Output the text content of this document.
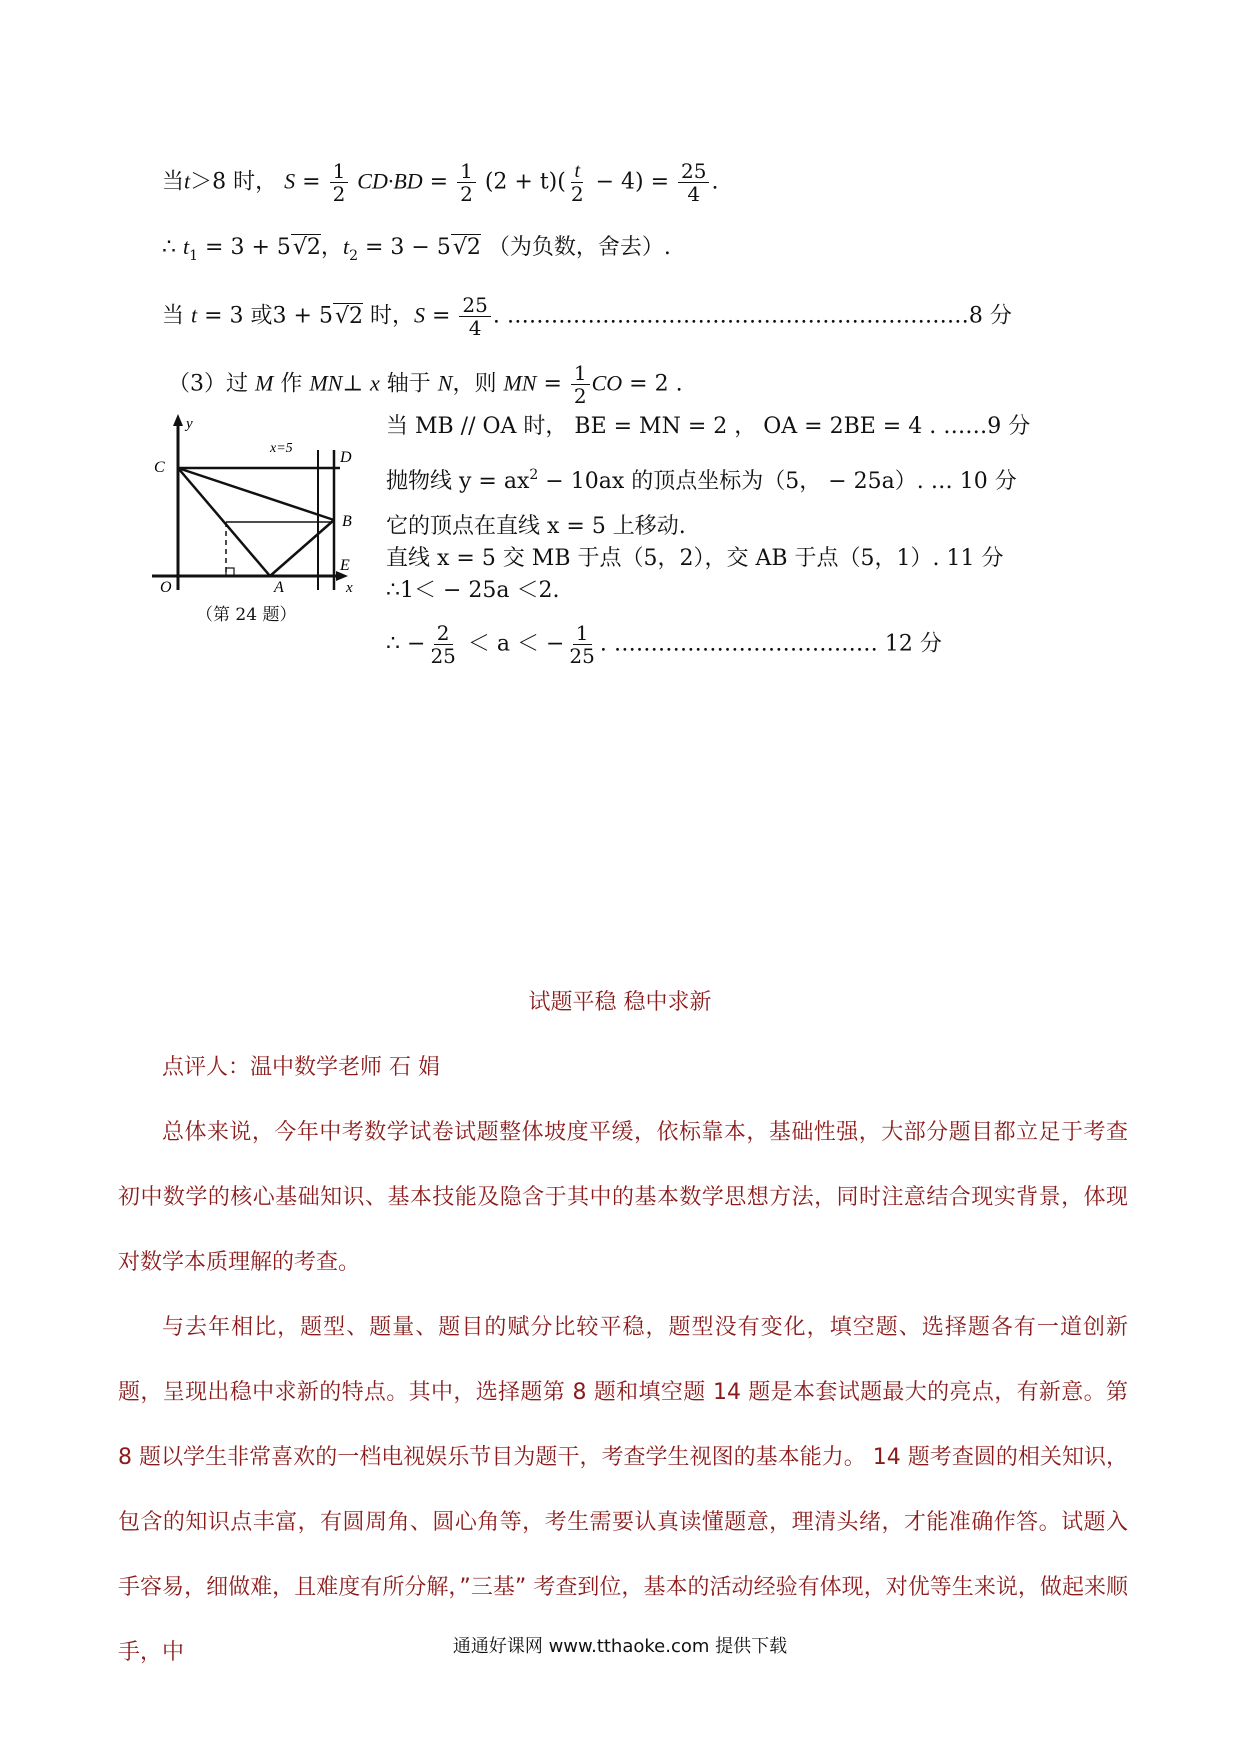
当t＞8 时， $S = \frac{1}{2} CD\cdot BD = \frac{1}{2} (2 + t)( \frac{t}{2} - 4) = \frac{25}{4}$ .
∴ $t_1 = 3 + 5√2$，$t_2 = 3 - 5√2$ （为负数，舍去）.
当 t = 3 或3 + 5√2 时，$S = \frac{25}{4}$ . ………………………………………………………8 分
（3）过 M 作 MN⊥ x 轴于 N，则 MN = $\frac{1}{2}$ CO = 2 .
当 MB // OA 时， BE = MN = 2 ， OA = 2BE = 4 . ……9 分
抛物线 $y = ax^2 - 10ax$ 的顶点坐标为（5， − 25a）. … 10 分
它的顶点在直线 x = 5 上移动.
直线 x = 5 交 MB 于点（5，2），交 AB 于点（5，1）. 11 分
∴1＜ − 25a ＜2.
∴ − $\frac{2}{25} < a$ ＜ − $\frac{1}{25}$ . ……………………………… 12 分
y
C
x=5
D
B
E
O	A	x
（第 24 题）
试题平稳 稳中求新
点评人：温中数学老师 石 娟
总体来说，今年中考数学试卷试题整体坡度平缓，依标靠本，基础性强，大部分题目都立足于考查初中数学的核心基础知识、基本技能及隐含于其中的基本数学思想方法，同时注意结合现实背景，体现对数学本质理解的考查。
与去年相比，题型、题量、题目的赋分比较平稳，题型没有变化，填空题、选择题各有一道创新题，呈现出稳中求新的特点。其中，选择题第 8 题和填空题 14 题是本套试题最大的亮点，有新意。第 8 题以学生非常喜欢的一档电视娱乐节目为题干，考查学生视图的基本能力。 14 题考查圆的相关知识，包含的知识点丰富，有圆周角、圆心角等，考生需要认真读懂题意，理清头绪，才能准确作答。试题入手容易，细做难，且难度有所分解，”三基” 考查到位，基本的活动经验有体现，对优等生来说，做起来顺手，中	通通好课网 www.tthaoke.com 提供下载
